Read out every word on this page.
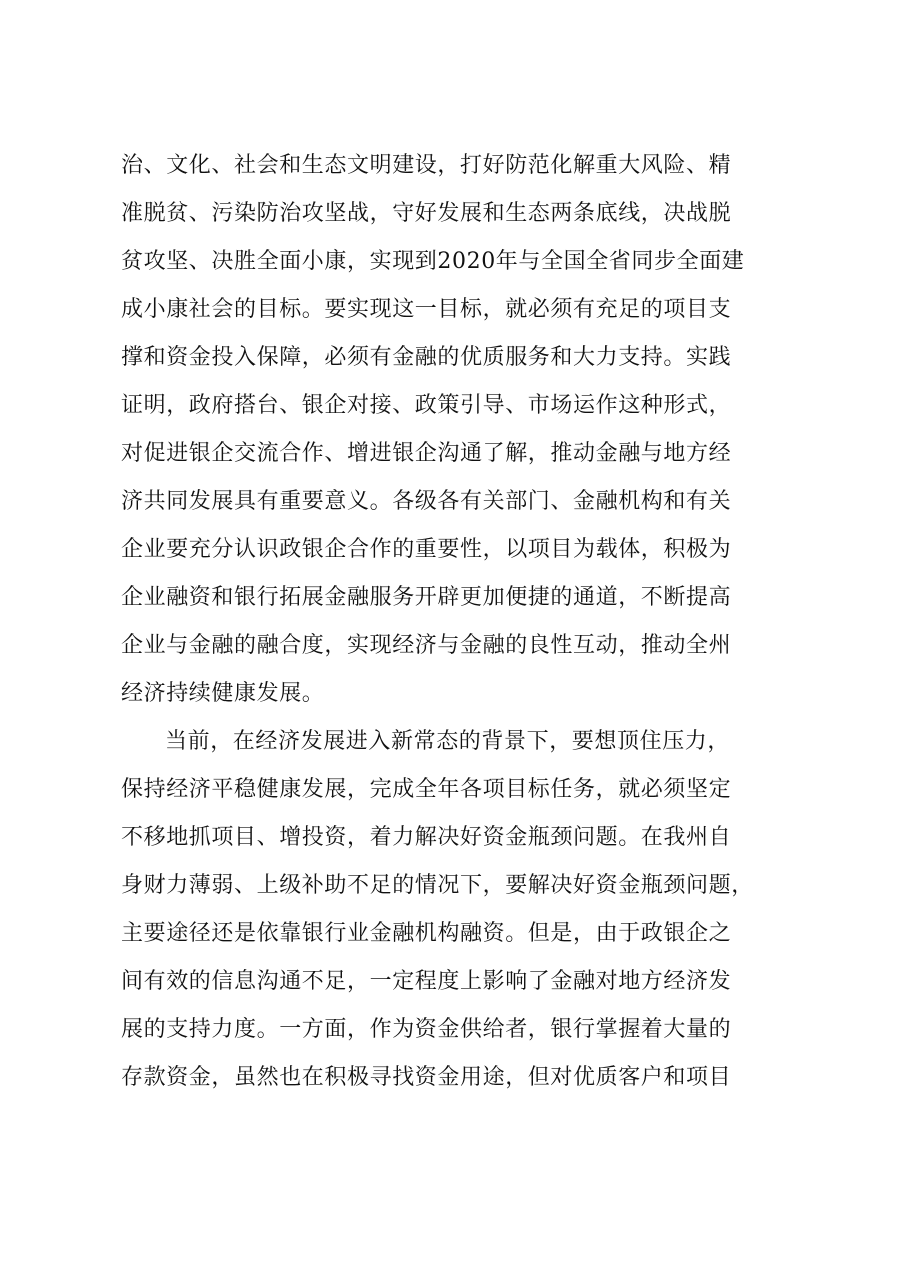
治、文化、社会和生态文明建设，打好防范化解重大风险、精
准脱贫、污染防治攻坚战，守好发展和生态两条底线，决战脱
贫攻坚、决胜全面小康，实现到2020年与全国全省同步全面建
成小康社会的目标。要实现这一目标，就必须有充足的项目支
撑和资金投入保障，必须有金融的优质服务和大力支持。实践
证明，政府搭台、银企对接、政策引导、市场运作这种形式，
对促进银企交流合作、增进银企沟通了解，推动金融与地方经
济共同发展具有重要意义。各级各有关部门、金融机构和有关
企业要充分认识政银企合作的重要性，以项目为载体，积极为
企业融资和银行拓展金融服务开辟更加便捷的通道，不断提高
企业与金融的融合度，实现经济与金融的良性互动，推动全州
经济持续健康发展。
当前，在经济发展进入新常态的背景下，要想顶住压力，
保持经济平稳健康发展，完成全年各项目标任务，就必须坚定
不移地抓项目、增投资，着力解决好资金瓶颈问题。在我州自
身财力薄弱、上级补助不足的情况下，要解决好资金瓶颈问题，
主要途径还是依靠银行业金融机构融资。但是，由于政银企之
间有效的信息沟通不足，一定程度上影响了金融对地方经济发
展的支持力度。一方面，作为资金供给者，银行掌握着大量的
存款资金，虽然也在积极寻找资金用途，但对优质客户和项目
